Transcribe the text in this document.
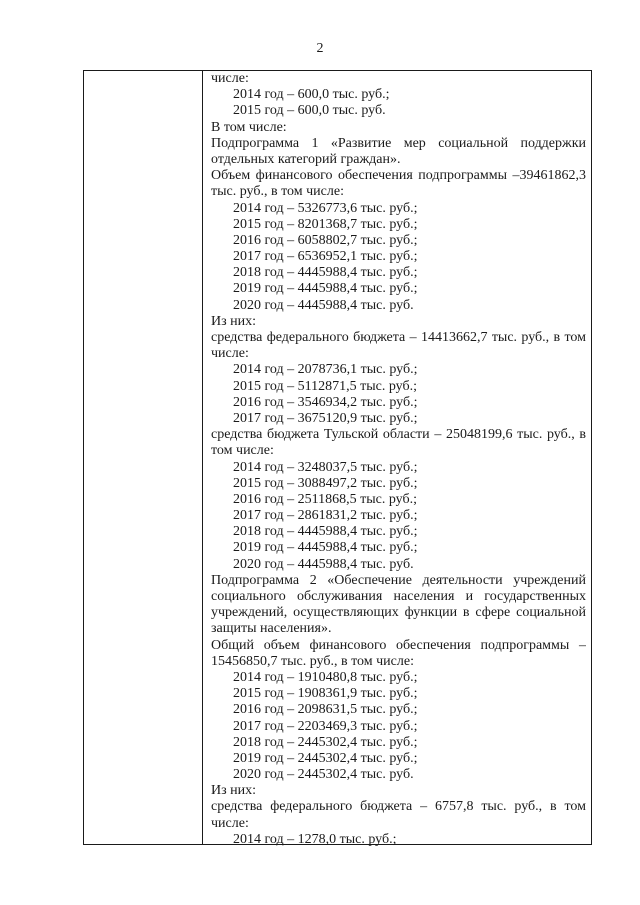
2
числе:
2014 год – 600,0 тыс. руб.;
2015 год – 600,0 тыс. руб.
В том числе:
Подпрограмма 1 «Развитие мер социальной поддержки
отдельных категорий граждан».
Объем финансового обеспечения подпрограммы –39461862,3
тыс. руб., в том числе:
2014 год – 5326773,6 тыс. руб.;
2015 год – 8201368,7 тыс. руб.;
2016 год – 6058802,7 тыс. руб.;
2017 год – 6536952,1 тыс. руб.;
2018 год – 4445988,4 тыс. руб.;
2019 год – 4445988,4 тыс. руб.;
2020 год – 4445988,4 тыс. руб.
Из них:
средства федерального бюджета – 14413662,7 тыс. руб., в том
числе:
2014 год – 2078736,1 тыс. руб.;
2015 год – 5112871,5 тыс. руб.;
2016 год – 3546934,2 тыс. руб.;
2017 год – 3675120,9 тыс. руб.;
средства бюджета Тульской области – 25048199,6 тыс. руб., в
том числе:
2014 год – 3248037,5 тыс. руб.;
2015 год – 3088497,2 тыс. руб.;
2016 год – 2511868,5 тыс. руб.;
2017 год – 2861831,2 тыс. руб.;
2018 год – 4445988,4 тыс. руб.;
2019 год – 4445988,4 тыс. руб.;
2020 год – 4445988,4 тыс. руб.
Подпрограмма 2 «Обеспечение деятельности учреждений
социального обслуживания населения и государственных
учреждений, осуществляющих функции в сфере социальной
защиты населения».
Общий объем финансового обеспечения подпрограммы –
15456850,7 тыс. руб., в том числе:
2014 год – 1910480,8 тыс. руб.;
2015 год – 1908361,9 тыс. руб.;
2016 год – 2098631,5 тыс. руб.;
2017 год – 2203469,3 тыс. руб.;
2018 год – 2445302,4 тыс. руб.;
2019 год – 2445302,4 тыс. руб.;
2020 год – 2445302,4 тыс. руб.
Из них:
средства федерального бюджета – 6757,8 тыс. руб., в том
числе:
2014 год – 1278,0 тыс. руб.;
